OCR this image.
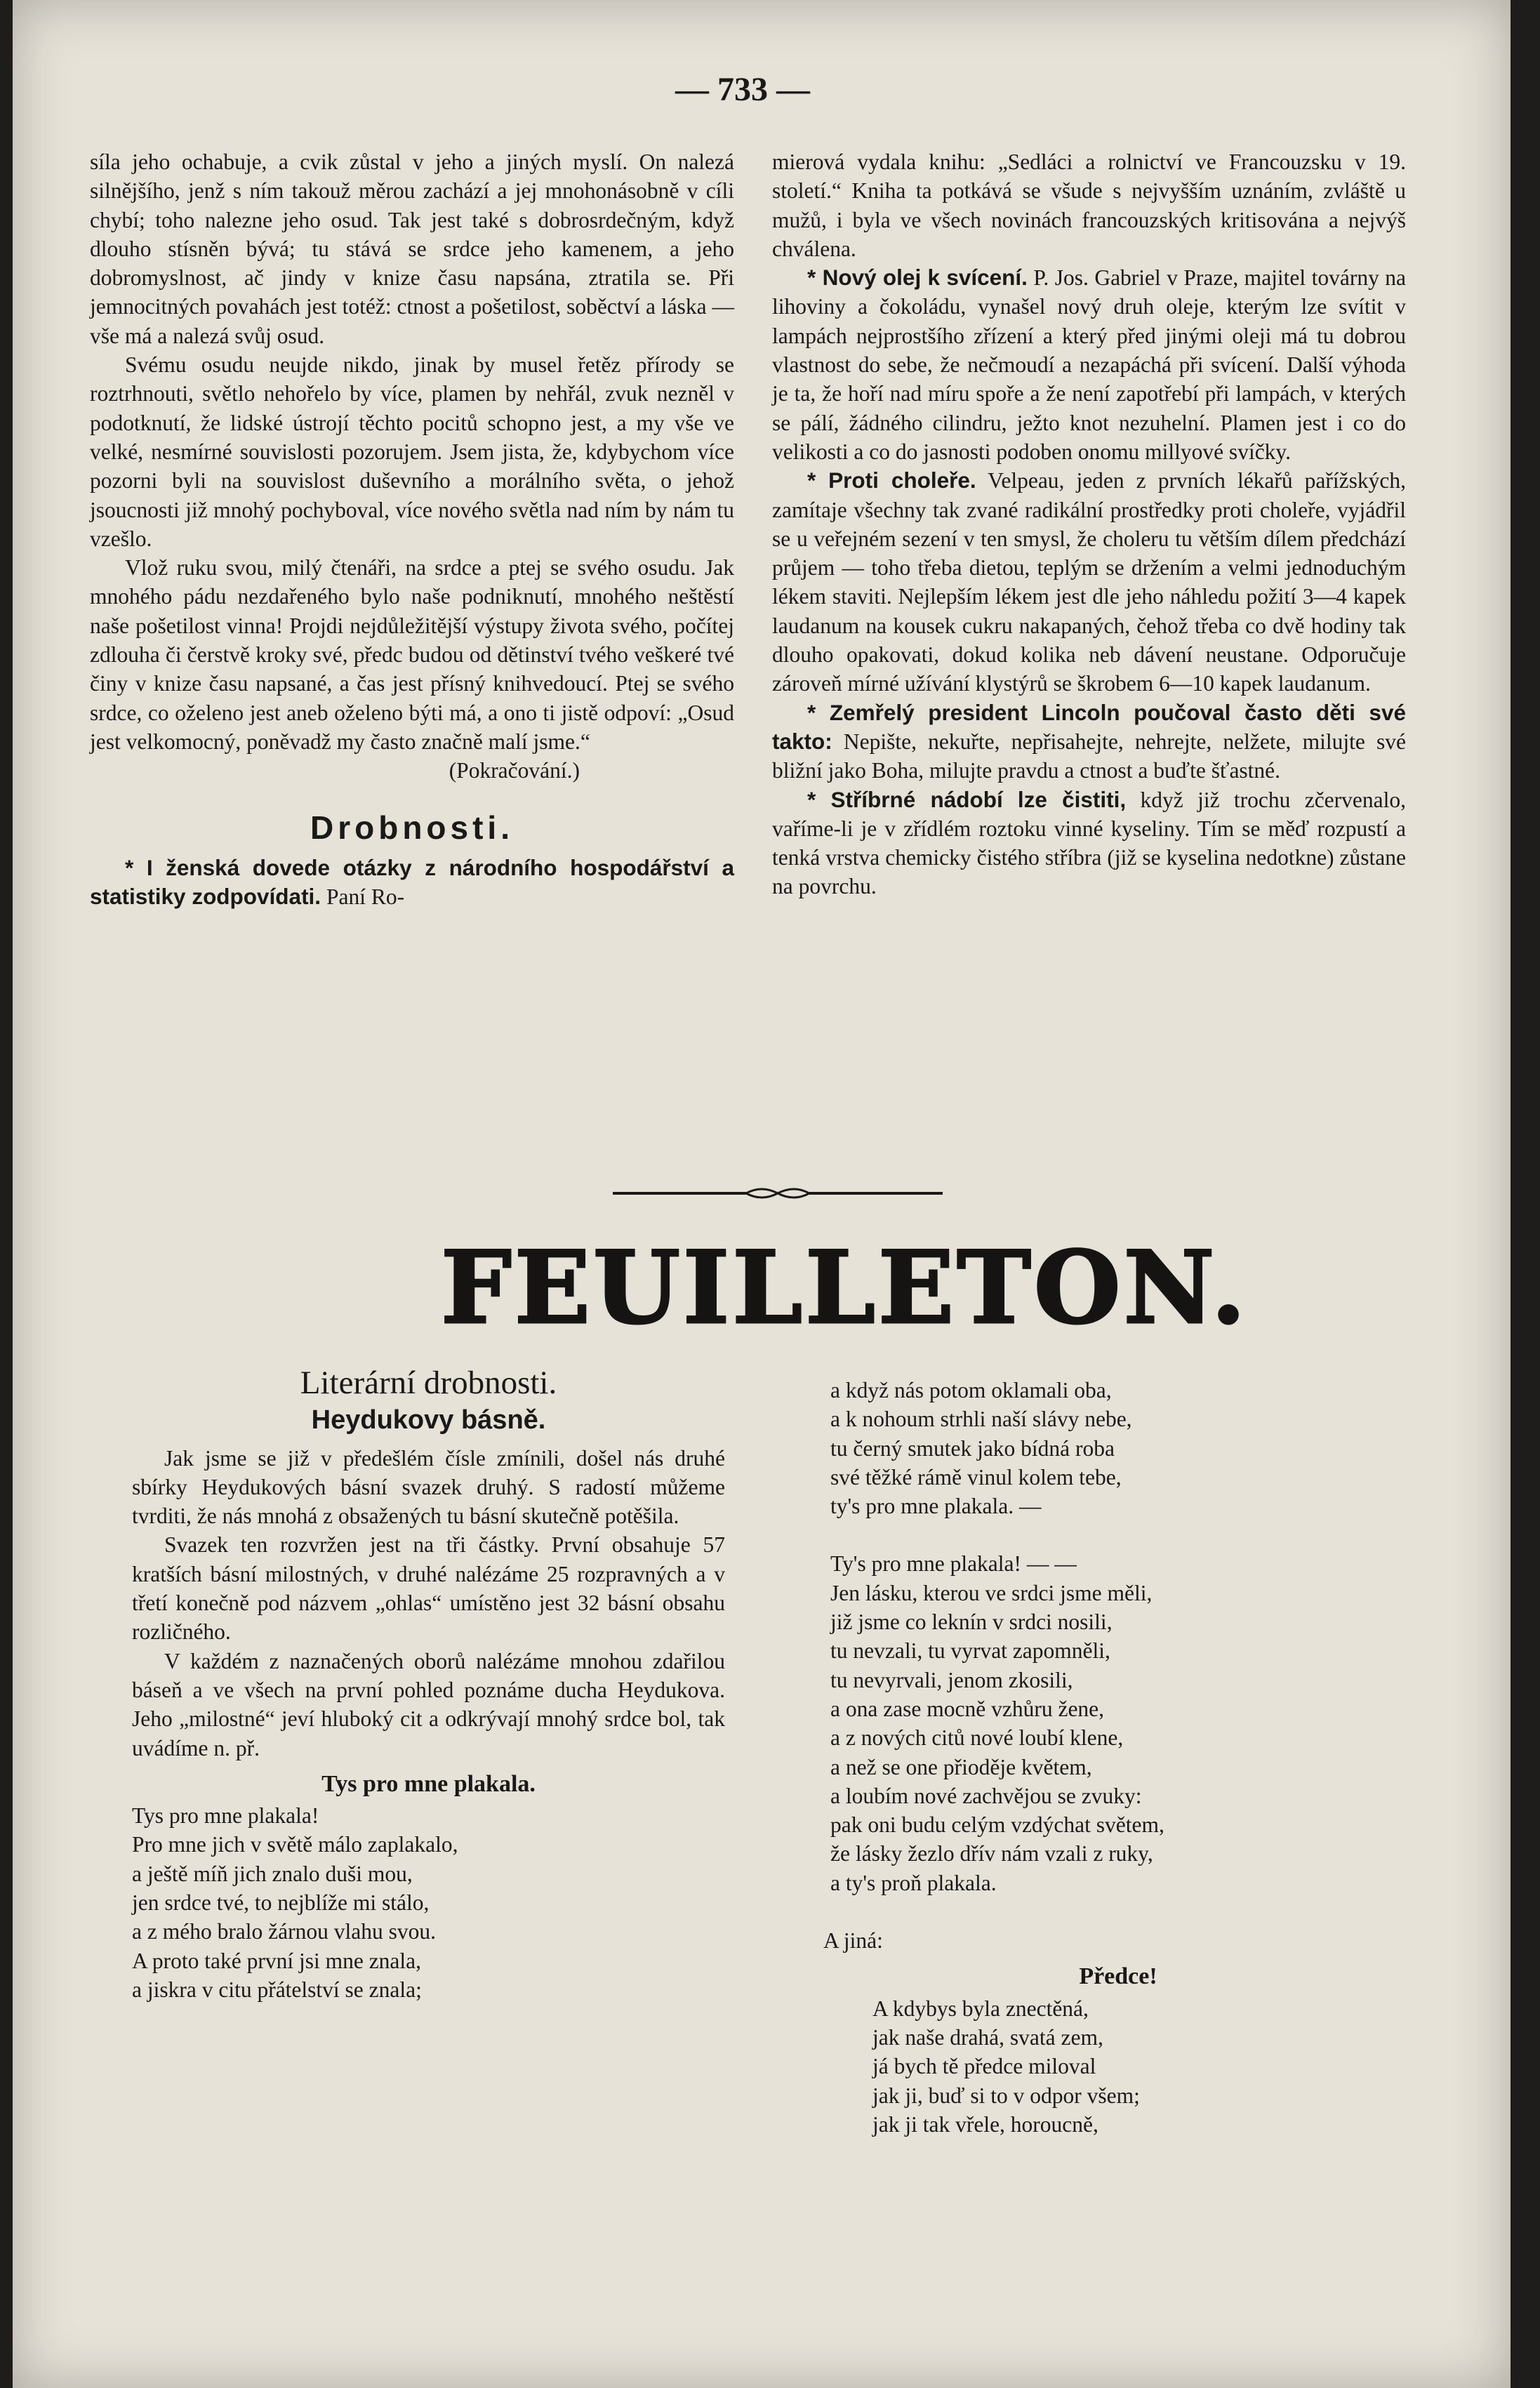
— 733 —

síla jeho ochabuje, a cvik zůstal v jeho a jiných myslí. On nalezá silnějšího, jenž s ním takouž měrou zachází a jej mnohonásobně v cíli chybí; toho nalezne jeho osud. Tak jest také s dobrosrdečným, když dlouho stísněn bývá; tu stává se srdce jeho kamenem, a jeho dobromyslnost, ač jindy v knize času napsána, ztratila se. Při jemnocitných povahách jest totéž: ctnost a pošetilost, soběctví a láska — vše má a nalezá svůj osud.

Svému osudu neujde nikdo, jinak by musel řetěz přírody se roztrhnouti, světlo nehořelo by více, plamen by nehřál, zvuk nezněl v podotknutí, že lidské ústrojí těchto pocitů schopno jest, a my vše ve velké, nesmírné souvislosti pozorujem. Jsem jista, že, kdybychom více pozorni byli na souvislost duševního a morálního světa, o jehož jsoucnosti již mnohý pochyboval, více nového světla nad ním by nám tu vzešlo.

Vlož ruku svou, milý čtenáři, na srdce a ptej se svého osudu. Jak mnohého pádu nezdařeného bylo naše podniknutí, mnohého neštěstí naše pošetilost vinna! Projdi nejdůležitější výstupy života svého, počítej zdlouha či čerstvě kroky své, předc budou od dětinství tvého veškeré tvé činy v knize času napsané, a čas jest přísný knihvedoucí. Ptej se svého srdce, co oželeno jest aneb oželeno býti má, a ono ti jistě odpoví: „Osud jest velkomocný, poněvadž my často značně malí jsme.“

(Pokračování.)

Drobnosti.

* I ženská dovede otázky z národního hospodářství a statistiky zodpovídati. Paní Ro-

mierová vydala knihu: „Sedláci a rolnictví ve Francouzsku v 19. století.“ Kniha ta potkává se všude s nejvyšším uznáním, zvláště u mužů, i byla ve všech novinách francouzských kritisována a nejvýš chválena.

* Nový olej k svícení. P. Jos. Gabriel v Praze, majitel továrny na lihoviny a čokoládu, vynašel nový druh oleje, kterým lze svítit v lampách nejprostšího zřízení a který před jinými oleji má tu dobrou vlastnost do sebe, že nečmoudí a nezapáchá při svícení. Další výhoda je ta, že hoří nad míru spoře a že není zapotřebí při lampách, v kterých se pálí, žádného cilindru, ježto knot nezuhelní. Plamen jest i co do velikosti a co do jasnosti podoben onomu millyové svíčky.

* Proti choleře. Velpeau, jeden z prvních lékařů pařížských, zamítaje všechny tak zvané radikální prostředky proti choleře, vyjádřil se u veřejném sezení v ten smysl, že choleru tu větším dílem předchází průjem — toho třeba dietou, teplým se držením a velmi jednoduchým lékem staviti. Nejlepším lékem jest dle jeho náhledu požití 3—4 kapek laudanum na kousek cukru nakapaných, čehož třeba co dvě hodiny tak dlouho opakovati, dokud kolika neb dávení neustane. Odporučuje zároveň mírné užívání klystýrů se škrobem 6—10 kapek laudanum.

* Zemřelý president Lincoln poučoval často děti své takto: Nepište, nekuřte, nepřisahejte, nehrejte, nelžete, milujte své bližní jako Boha, milujte pravdu a ctnost a buďte šťastné.

* Stříbrné nádobí lze čistiti, když již trochu zčervenalo, vaříme-li je v zřídlém roztoku vinné kyseliny. Tím se měď rozpustí a tenká vrstva chemicky čistého stříbra (již se kyselina nedotkne) zůstane na povrchu.

FEUILLETON.
Literární drobnosti.
Heydukovy básně.

Jak jsme se již v předešlém čísle zmínili, došel nás druhé sbírky Heydukových básní svazek druhý. S radostí můžeme tvrditi, že nás mnohá z obsažených tu básní skutečně potěšila.

Svazek ten rozvržen jest na tři částky. První obsahuje 57 kratších básní milostných, v druhé nalézáme 25 rozpravných a v třetí konečně pod názvem „ohlas“ umístěno jest 32 básní obsahu rozličného.

V každém z naznačených oborů nalézáme mnohou zdařilou báseň a ve všech na první pohled poznáme ducha Heydukova. Jeho „milostné“ jeví hluboký cit a odkrývají mnohý srdce bol, tak uvádíme n. př.

Tys pro mne plakala.

Tys pro mne plakala!

Pro mne jich v světě málo zaplakalo,

a ještě míň jich znalo duši mou,

jen srdce tvé, to nejblíže mi stálo,

a z mého bralo žárnou vlahu svou.

A proto také první jsi mne znala,

a jiskra v citu přátelství se znala;

a když nás potom oklamali oba,

a k nohoum strhli naší slávy nebe,

tu černý smutek jako bídná roba

své těžké rámě vinul kolem tebe,

ty's pro mne plakala. —

Ty's pro mne plakala! — —

Jen lásku, kterou ve srdci jsme měli,

již jsme co leknín v srdci nosili,

tu nevzali, tu vyrvat zapomněli,

tu nevyrvali, jenom zkosili,

a ona zase mocně vzhůru žene,

a z nových citů nové loubí klene,

a než se one přioděje květem,

a loubím nové zachvějou se zvuky:

pak oni budu celým vzdýchat světem,

že lásky žezlo dřív nám vzali z ruky,

a ty's proň plakala.

A jiná:

Předce!

A kdybys byla znectěná,

jak naše drahá, svatá zem,

já bych tě předce miloval

jak ji, buď si to v odpor všem;

jak ji tak vřele, horoucně,
